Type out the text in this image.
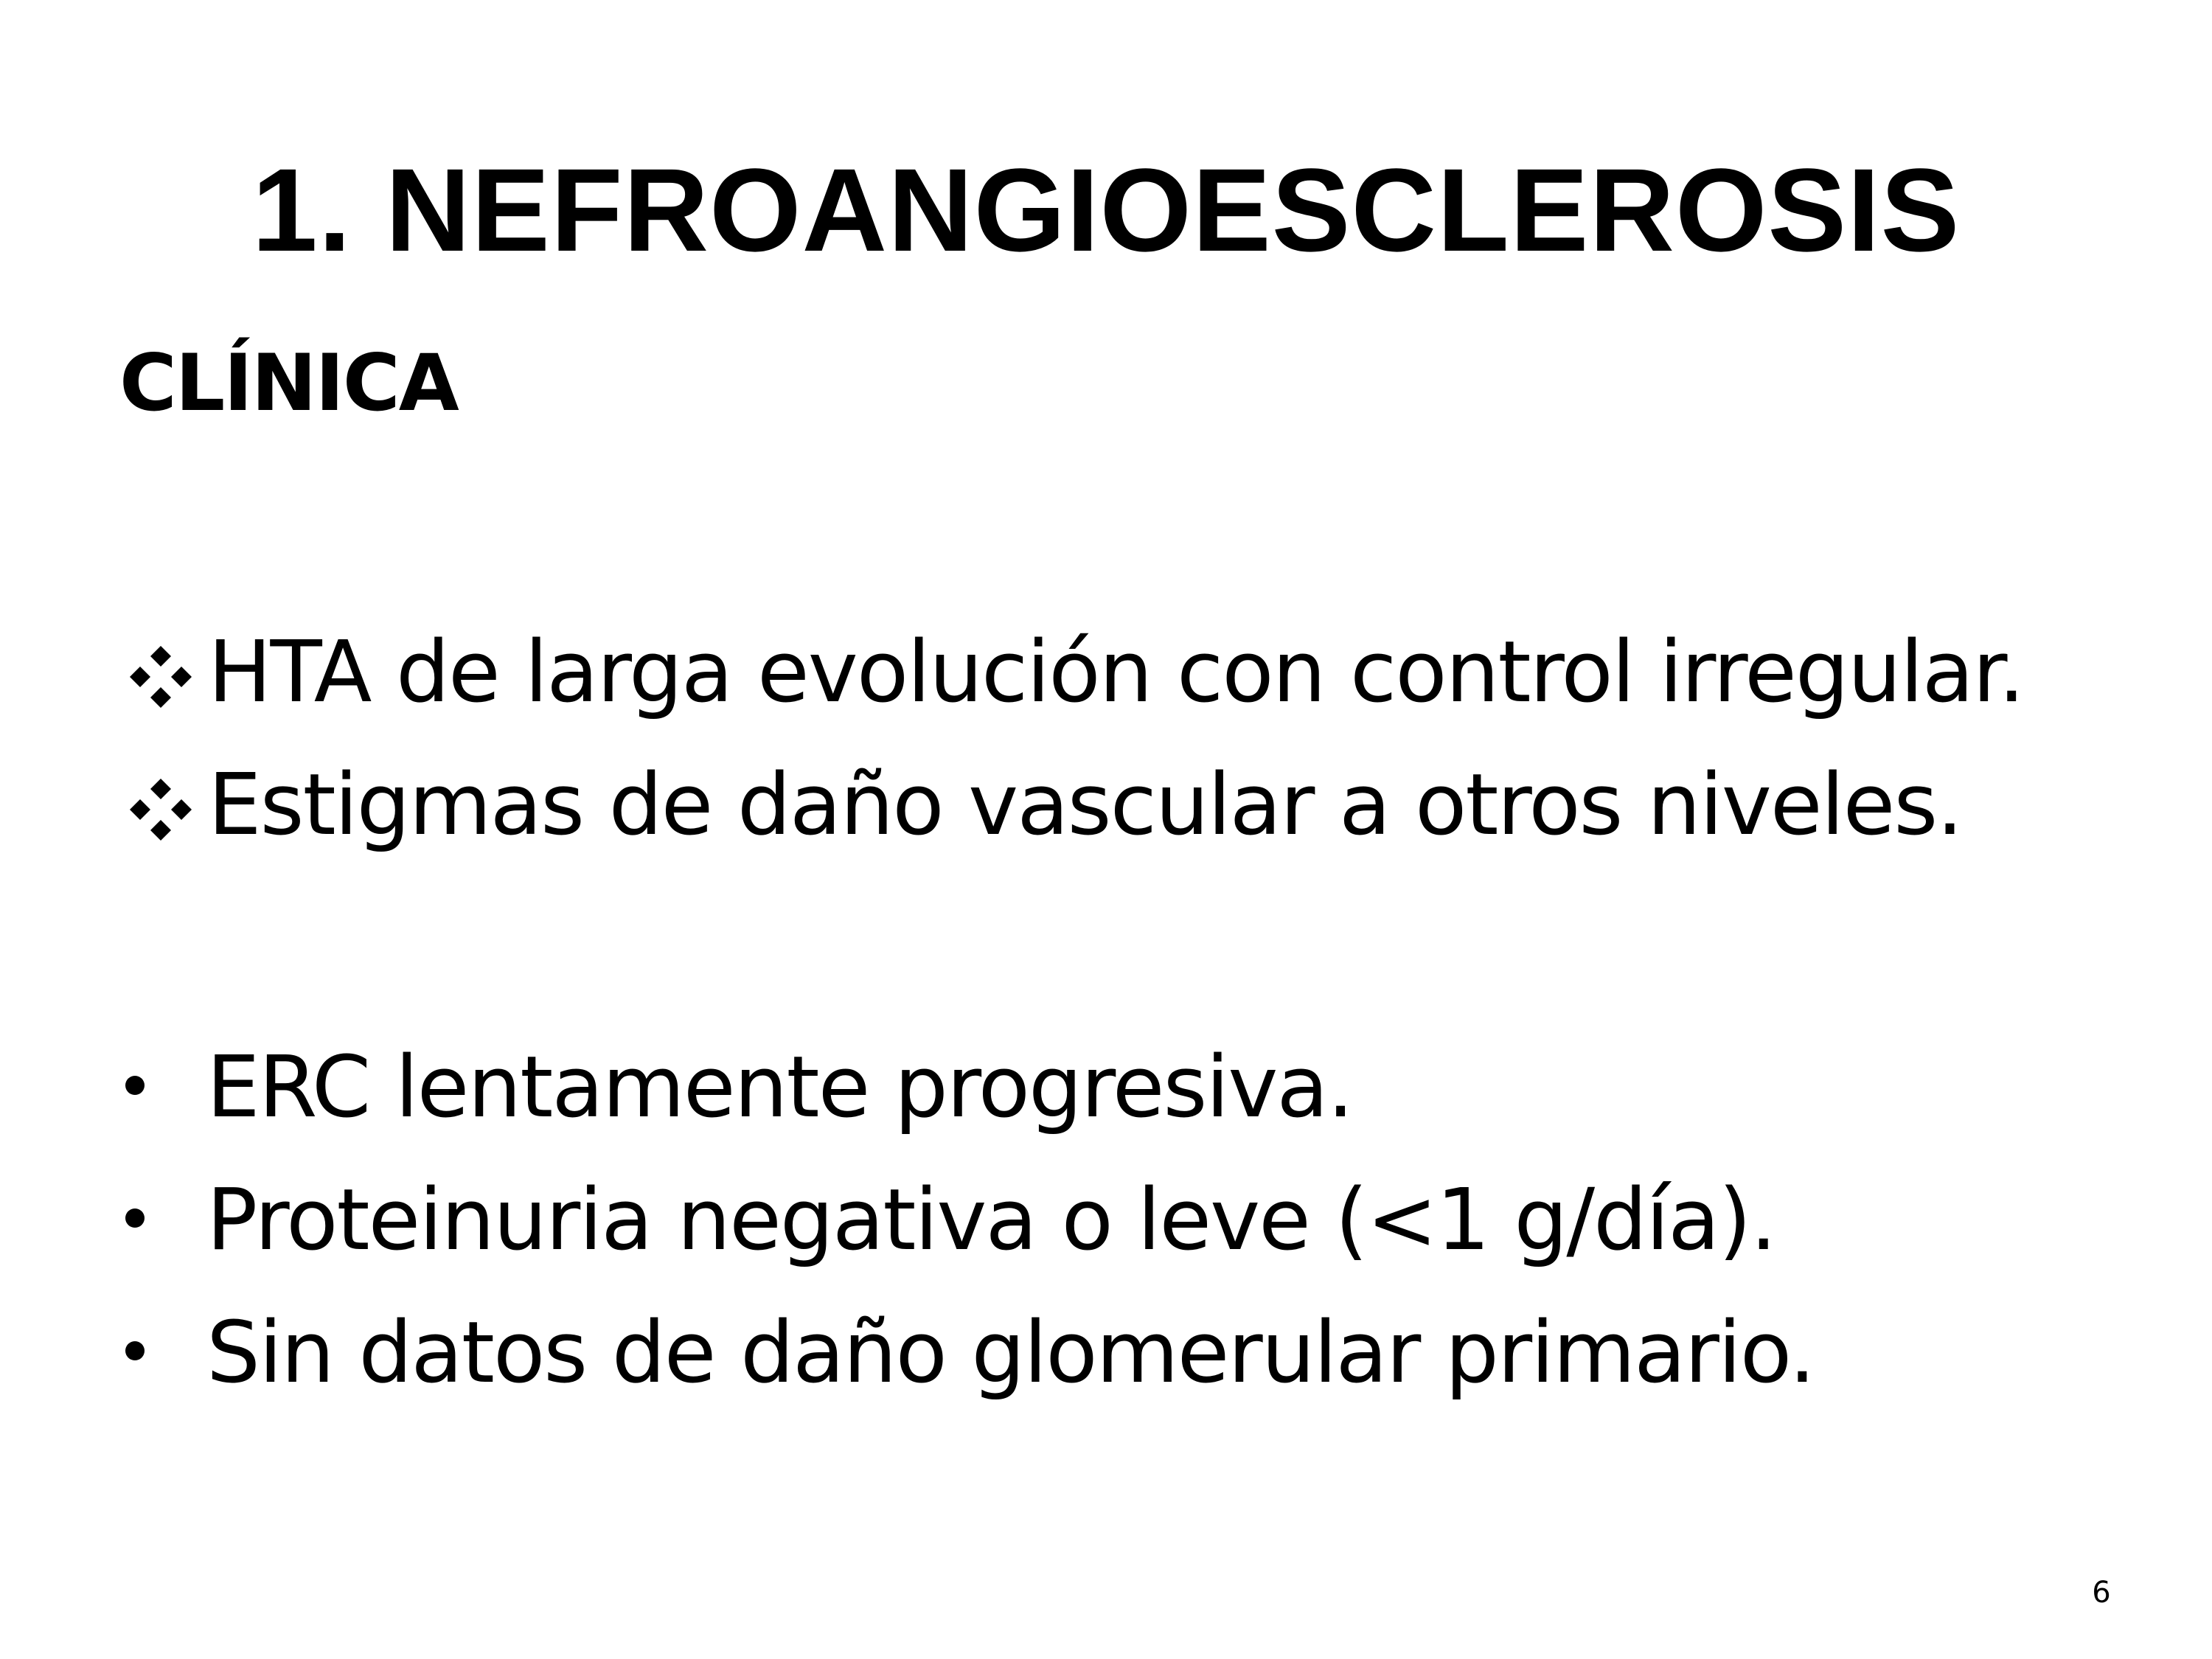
1. NEFROANGIOESCLEROSIS
CLÍNICA
HTA de larga evolución con control irregular.
Estigmas de daño vascular a otros niveles.
ERC lentamente progresiva.
Proteinuria negativa o leve (<1 g/día).
Sin datos de daño glomerular primario.
6
